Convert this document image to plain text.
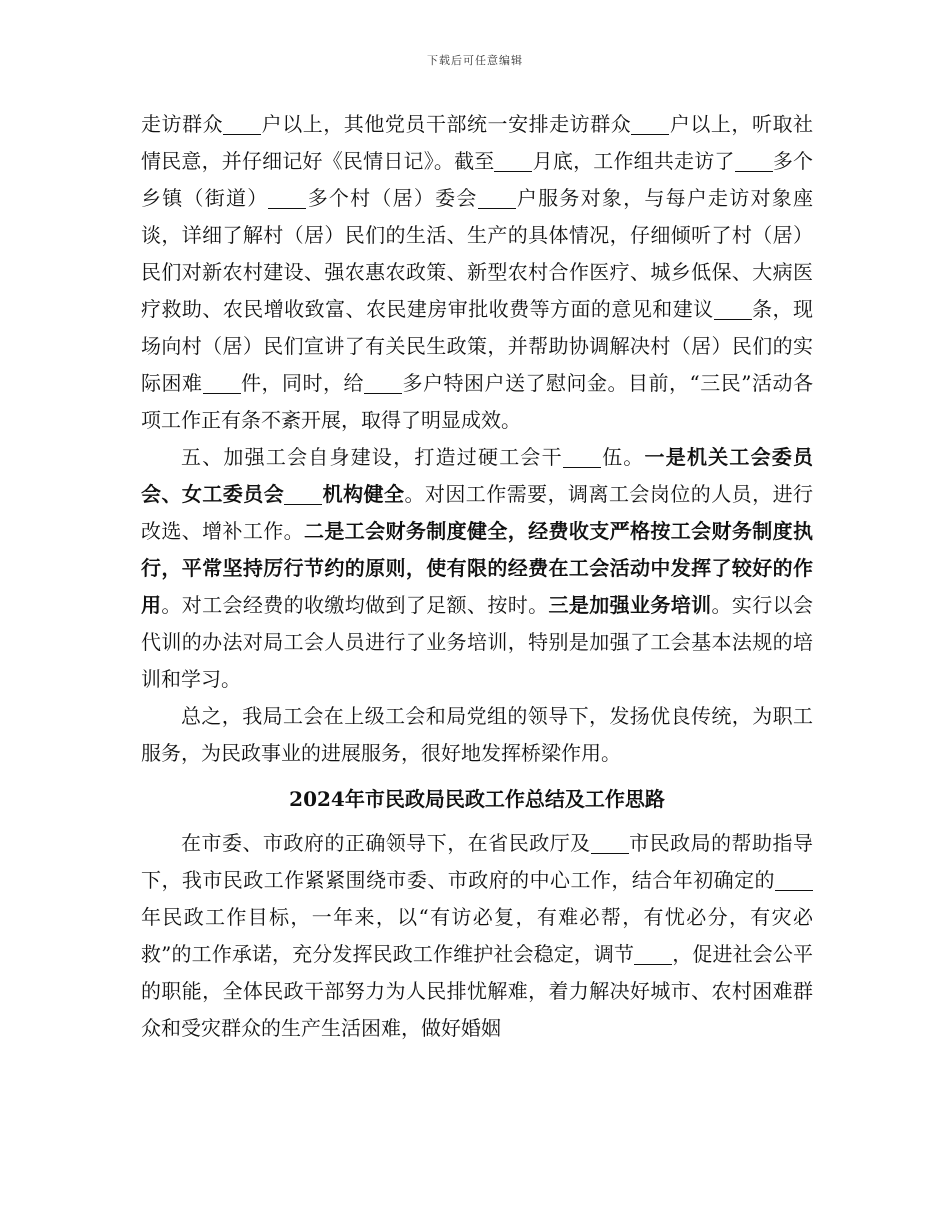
下载后可任意编辑

走访群众 户以上，其他党员干部统一安排走访群众 户以上，听取社情民意，并仔细记好《民情日记》。截至 月底，工作组共走访了 多个乡镇（街道） 多个村（居）委会 户服务对象，与每户走访对象座谈，详细了解村（居）民们的生活、生产的具体情况，仔细倾听了村（居）民们对新农村建设、强农惠农政策、新型农村合作医疗、城乡低保、大病医疗救助、农民增收致富、农民建房审批收费等方面的意见和建议 条，现场向村（居）民们宣讲了有关民生政策，并帮助协调解决村（居）民们的实际困难 件，同时，给 多户特困户送了慰问金。目前，“三民”活动各项工作正有条不紊开展，取得了明显成效。

五、加强工会自身建设，打造过硬工会干 伍。一是机关工会委员会、女工委员会 机构健全。对因工作需要，调离工会岗位的人员，进行改选、增补工作。二是工会财务制度健全，经费收支严格按工会财务制度执行，平常坚持厉行节约的原则，使有限的经费在工会活动中发挥了较好的作用。对工会经费的收缴均做到了足额、按时。三是加强业务培训。实行以会代训的办法对局工会人员进行了业务培训，特别是加强了工会基本法规的培训和学习。

总之，我局工会在上级工会和局党组的领导下，发扬优良传统，为职工服务，为民政事业的进展服务，很好地发挥桥梁作用。

2024年市民政局民政工作总结及工作思路

在市委、市政府的正确领导下，在省民政厅及 市民政局的帮助指导下，我市民政工作紧紧围绕市委、市政府的中心工作，结合年初确定的年民政工作目标，一年来，以“有访必复，有难必帮，有忧必分，有灾必救”的工作承诺，充分发挥民政工作维护社会稳定，调节 ，促进社会公平的职能，全体民政干部努力为人民排忧解难，着力解决好城市、农村困难群众和受灾群众的生产生活困难，做好婚姻
